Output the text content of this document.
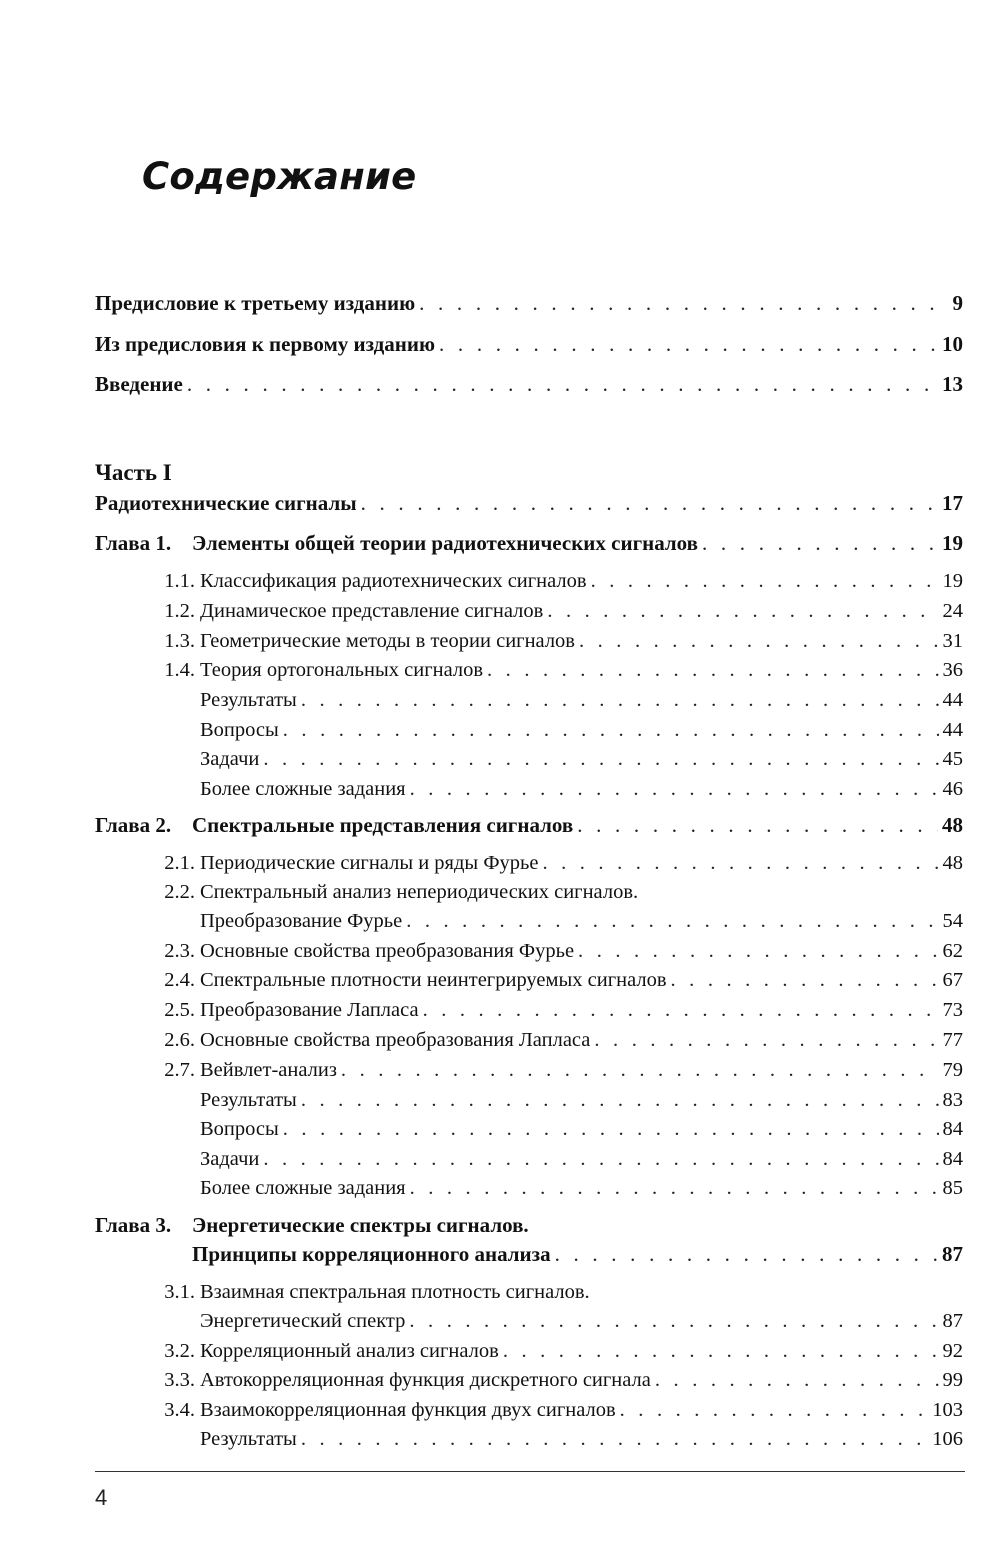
Содержание
Предисловие к третьему изданию . . .	9
Из предисловия к первому изданию . . .	10
Введение . . .	13
Часть I
Радиотехнические сигналы . . .	17
Глава 1. Элементы общей теории радиотехнических сигналов . . .	19
1.1. Классификация радиотехнических сигналов . . .	19
1.2. Динамическое представление сигналов . . .	24
1.3. Геометрические методы в теории сигналов . . .	31
1.4. Теория ортогональных сигналов . . .	36
Результаты . . .	44
Вопросы . . .	44
Задачи . . .	45
Более сложные задания . . .	46
Глава 2. Спектральные представления сигналов . . .	48
2.1. Периодические сигналы и ряды Фурье . . .	48
2.2. Спектральный анализ непериодических сигналов.
Преобразование Фурье . . .	54
2.3. Основные свойства преобразования Фурье . . .	62
2.4. Спектральные плотности неинтегрируемых сигналов . . .	67
2.5. Преобразование Лапласа . . .	73
2.6. Основные свойства преобразования Лапласа . . .	77
2.7. Вейвлет-анализ . . .	79
Результаты . . .	83
Вопросы . . .	84
Задачи . . .	84
Более сложные задания . . .	85
Глава 3. Энергетические спектры сигналов.
Принципы корреляционного анализа . . .	87
3.1. Взаимная спектральная плотность сигналов.
Энергетический спектр . . .	87
3.2. Корреляционный анализ сигналов . . .	92
3.3. Автокорреляционная функция дискретного сигнала . . .	99
3.4. Взаимокорреляционная функция двух сигналов . . .	103
Результаты . . .	106
4
